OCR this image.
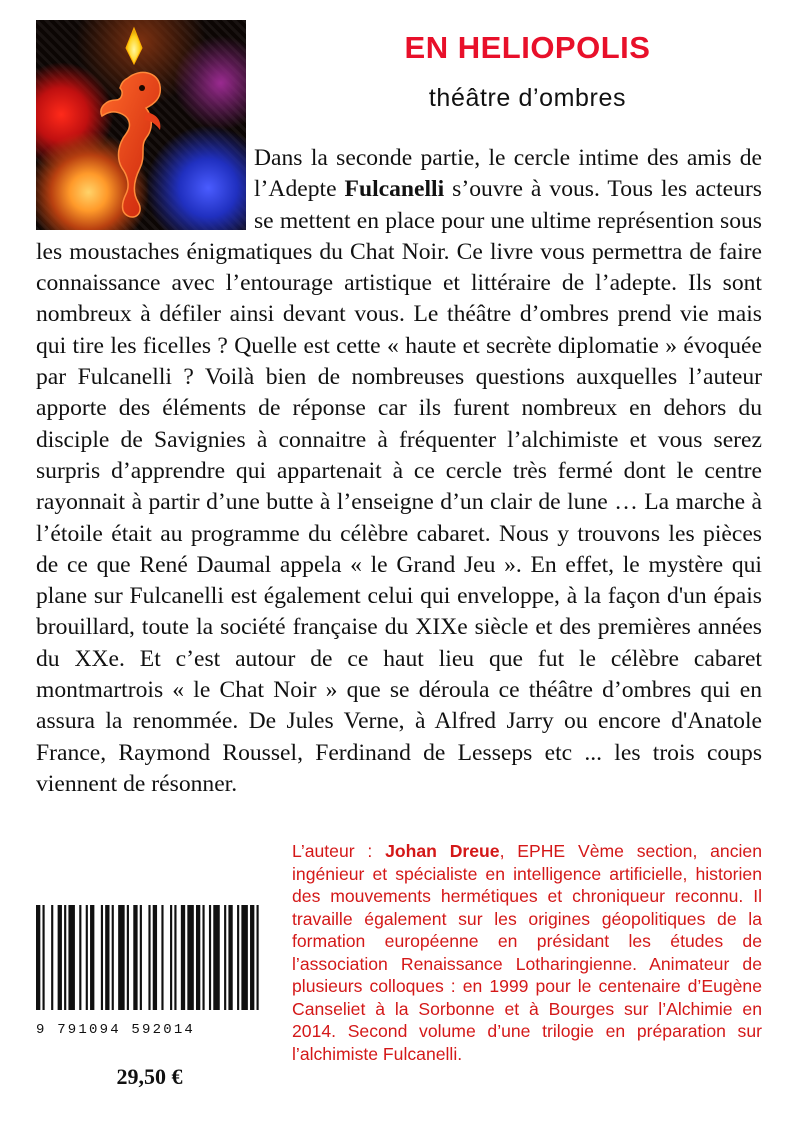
EN HELIOPOLIS
théâtre d’ombres

Dans la seconde partie, le cercle intime des amis de l’Adepte Fulcanelli s’ouvre à vous. Tous les acteurs se mettent en place pour une ultime représention sous les moustaches énigmatiques du Chat Noir. Ce livre vous permettra de faire connaissance avec l’entourage artistique et littéraire de l’adepte. Ils sont nombreux à défiler ainsi devant vous. Le théâtre d’ombres prend vie mais qui tire les ficelles ? Quelle est cette « haute et secrète diplomatie » évoquée par Fulcanelli ? Voilà bien de nombreuses questions auxquelles l’auteur apporte des éléments de réponse car ils furent nombreux en dehors du disciple de Savignies à connaitre à fréquenter l’alchimiste et vous serez surpris d’apprendre qui appartenait à ce cercle très fermé dont le centre rayonnait à partir d’une butte à l’enseigne d’un clair de lune … La marche à l’étoile était au programme du célèbre cabaret. Nous y trouvons les pièces de ce que René Daumal appela « le Grand Jeu ». En effet, le mystère qui plane sur Fulcanelli est également celui qui enveloppe, à la façon d'un épais brouillard, toute la société française du XIXe siècle et des premières années du XXe. Et c’est autour de ce haut lieu que fut le célèbre cabaret montmartrois « le Chat Noir » que se déroula ce théâtre d’ombres qui en assura la renommée. De Jules Verne, à Alfred Jarry ou encore d'Anatole France, Raymond Roussel, Ferdinand de Lesseps etc ... les trois coups viennent de résonner.

L’auteur : Johan Dreue, EPHE Vème section, ancien ingénieur et spécialiste en intelligence artificielle, historien des mouvements hermétiques et chroniqueur reconnu. Il travaille également sur les origines géopolitiques de la formation européenne en présidant les études de l’association Renaissance Lotharingienne. Animateur de plusieurs colloques : en 1999 pour le centenaire d’Eugène Canseliet à la Sorbonne et à Bourges sur l’Alchimie en 2014. Second volume d’une trilogie en préparation sur l’alchimiste Fulcanelli.

9 791094 592014
29,50 €
